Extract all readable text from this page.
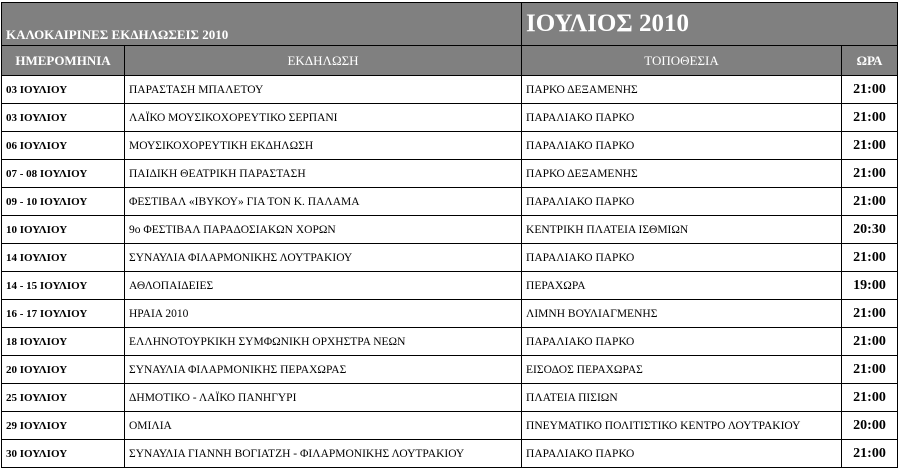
ΚΑΛΟΚΑΙΡΙΝΕΣ ΕΚΔΗΛΩΣΕΙΣ 2010		ΙΟΥΛΙΟΣ 2010	
ΗΜΕΡΟΜΗΝΙΑ	ΕΚΔΗΛΩΣΗ	ΤΟΠΟΘΕΣΙΑ	ΩΡΑ
03 ΙΟΥΛΙΟΥ	ΠΑΡΑΣΤΑΣΗ ΜΠΑΛΕΤΟΥ	ΠΑΡΚΟ ΔΕΞΑΜΕΝΗΣ	21:00
03 ΙΟΥΛΙΟΥ	ΛΑΪΚΟ ΜΟΥΣΙΚΟΧΟΡΕΥΤΙΚΟ ΣΕΡΠΑΝΙ	ΠΑΡΑΛΙΑΚΟ ΠΑΡΚΟ	21:00
06 ΙΟΥΛΙΟΥ	ΜΟΥΣΙΚΟΧΟΡΕΥΤΙΚΗ ΕΚΔΗΛΩΣΗ	ΠΑΡΑΛΙΑΚΟ ΠΑΡΚΟ	21:00
07 - 08 ΙΟΥΛΙΟΥ	ΠΑΙΔΙΚΗ ΘΕΑΤΡΙΚΗ ΠΑΡΑΣΤΑΣΗ	ΠΑΡΚΟ ΔΕΞΑΜΕΝΗΣ	21:00
09 - 10 ΙΟΥΛΙΟΥ	ΦΕΣΤΙΒΑΛ «ΙΒΥΚΟΥ» ΓΙΑ ΤΟΝ Κ. ΠΑΛΑΜΑ	ΠΑΡΑΛΙΑΚΟ ΠΑΡΚΟ	21:00
10 ΙΟΥΛΙΟΥ	9ο ΦΕΣΤΙΒΑΛ ΠΑΡΑΔΟΣΙΑΚΩΝ ΧΟΡΩΝ	ΚΕΝΤΡΙΚΗ ΠΛΑΤΕΙΑ ΙΣΘΜΙΩΝ	20:30
14 ΙΟΥΛΙΟΥ	ΣΥΝΑΥΛΙΑ ΦΙΛΑΡΜΟΝΙΚΗΣ ΛΟΥΤΡΑΚΙΟΥ	ΠΑΡΑΛΙΑΚΟ ΠΑΡΚΟ	21:00
14 - 15 ΙΟΥΛΙΟΥ	ΑΘΛΟΠΑΙΔΕΙΕΣ	ΠΕΡΑΧΩΡΑ	19:00
16 - 17 ΙΟΥΛΙΟΥ	ΗΡΑΙΑ 2010	ΛΙΜΝΗ ΒΟΥΛΙΑΓΜΕΝΗΣ	21:00
18 ΙΟΥΛΙΟΥ	ΕΛΛΗΝΟΤΟΥΡΚΙΚΗ ΣΥΜΦΩΝΙΚΗ ΟΡΧΗΣΤΡΑ ΝΕΩΝ	ΠΑΡΑΛΙΑΚΟ ΠΑΡΚΟ	21:00
20 ΙΟΥΛΙΟΥ	ΣΥΝΑΥΛΙΑ ΦΙΛΑΡΜΟΝΙΚΗΣ ΠΕΡΑΧΩΡΑΣ	ΕΙΣΟΔΟΣ ΠΕΡΑΧΩΡΑΣ	21:00
25 ΙΟΥΛΙΟΥ	ΔΗΜΟΤΙΚΟ - ΛΑΪΚΟ ΠΑΝΗΓΥΡΙ	ΠΛΑΤΕΙΑ ΠΙΣΙΩΝ	21:00
29 ΙΟΥΛΙΟΥ	ΟΜΙΛΙΑ	ΠΝΕΥΜΑΤΙΚΟ ΠΟΛΙΤΙΣΤΙΚΟ ΚΕΝΤΡΟ ΛΟΥΤΡΑΚΙΟΥ	20:00
30 ΙΟΥΛΙΟΥ	ΣΥΝΑΥΛΙΑ ΓΙΑΝΝΗ ΒΟΓΙΑΤΖΗ - ΦΙΛΑΡΜΟΝΙΚΗΣ ΛΟΥΤΡΑΚΙΟΥ	ΠΑΡΑΛΙΑΚΟ ΠΑΡΚΟ	21:00
